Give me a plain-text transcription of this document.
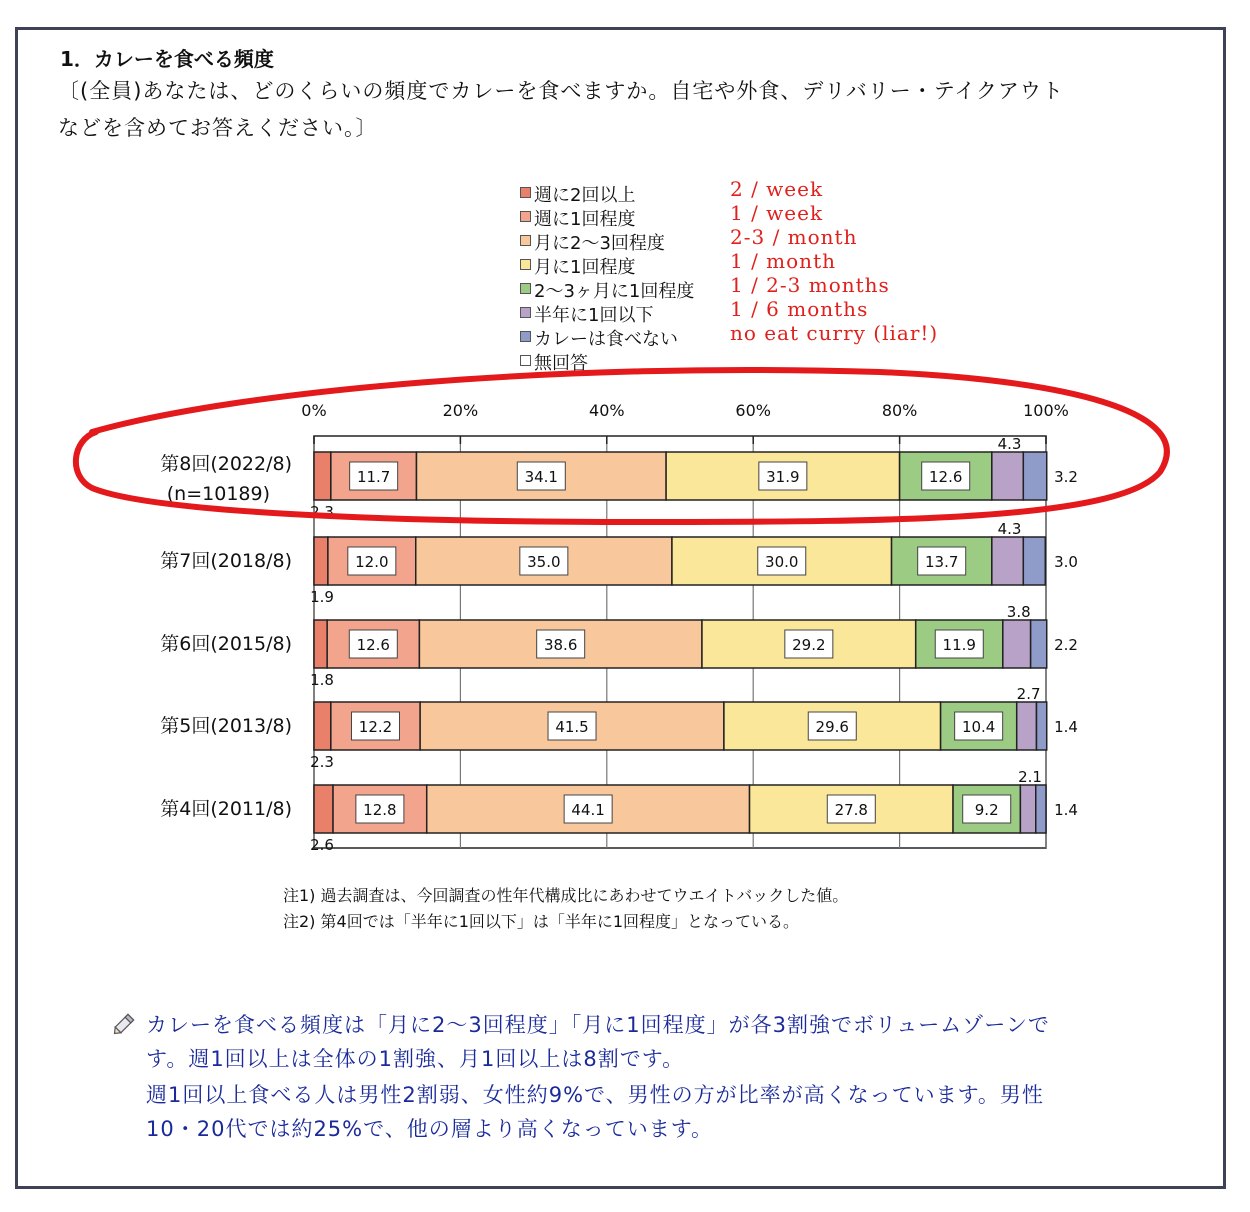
1．カレーを食べる頻度
〔(全員)あなたは、どのくらいの頻度でカレーを食べますか。自宅や外食、デリバリー・テイクアウト
などを含めてお答えください。〕
週に2回以上	2 / week
週に1回程度	1 / week
月に2～3回程度	2-3 / month
月に1回程度	1 / month
2～3ヶ月に1回程度 1 / 2-3 months
半年に1回以下	1 / 6 months
カレーは食べない	no eat curry (liar!)
無回答
0%	20%	40%	60%	80%	100%
2.3
11.7	34.1	31.9	12.6
4.3
3.2
第8回(2022/8)
(n=10189)
1.9
12.0	35.0	30.0	13.7
4.3
3.0
第7回(2018/8)
1.8
12.6	38.6	29.2	11.9
3.8
2.2
第6回(2015/8)
2.3
12.2	41.5	29.6	10.4
2.7
1.4
第5回(2013/8)
2.6
12.8	44.1	27.8	9.2
2.1
1.4
第4回(2011/8)
注1) 過去調査は、今回調査の性年代構成比にあわせてウエイトバックした値。
注2) 第4回では「半年に1回以下」は「半年に1回程度」となっている。
カレーを食べる頻度は「月に2～3回程度」「月に1回程度」が各3割強でボリュームゾーンで
す。週1回以上は全体の1割強、月1回以上は8割です。
週1回以上食べる人は男性2割弱、女性約9%で、男性の方が比率が高くなっています。男性
10・20代では約25%で、他の層より高くなっています。
